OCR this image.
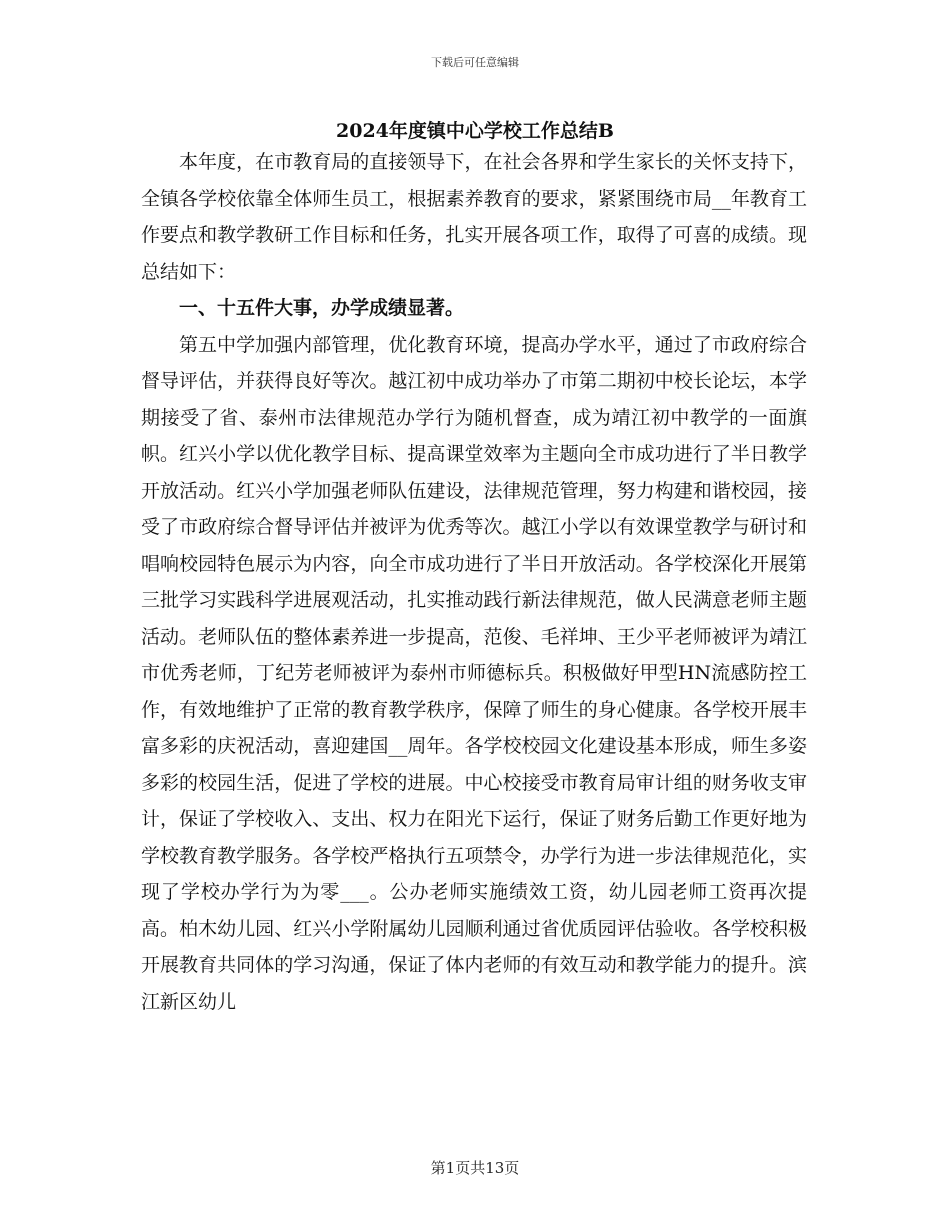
下载后可任意编辑
2024年度镇中心学校工作总结B

本年度，在市教育局的直接领导下，在社会各界和学生家长的关怀支持下，全镇各学校依靠全体师生员工，根据素养教育的要求，紧紧围绕市局__年教育工作要点和教学教研工作目标和任务，扎实开展各项工作，取得了可喜的成绩。现总结如下：

一、十五件大事，办学成绩显著。

第五中学加强内部管理，优化教育环境，提高办学水平，通过了市政府综合督导评估，并获得良好等次。越江初中成功举办了市第二期初中校长论坛，本学期接受了省、泰州市法律规范办学行为随机督查，成为靖江初中教学的一面旗帜。红兴小学以优化教学目标、提高课堂效率为主题向全市成功进行了半日教学开放活动。红兴小学加强老师队伍建设，法律规范管理，努力构建和谐校园，接受了市政府综合督导评估并被评为优秀等次。越江小学以有效课堂教学与研讨和唱响校园特色展示为内容，向全市成功进行了半日开放活动。各学校深化开展第三批学习实践科学进展观活动，扎实推动践行新法律规范，做人民满意老师主题活动。老师队伍的整体素养进一步提高，范俊、毛祥坤、王少平老师被评为靖江市优秀老师，丁纪芳老师被评为泰州市师德标兵。积极做好甲型HN流感防控工作，有效地维护了正常的教育教学秩序，保障了师生的身心健康。各学校开展丰富多彩的庆祝活动，喜迎建国__周年。各学校校园文化建设基本形成，师生多姿多彩的校园生活，促进了学校的进展。中心校接受市教育局审计组的财务收支审计，保证了学校收入、支出、权力在阳光下运行，保证了财务后勤工作更好地为学校教育教学服务。各学校严格执行五项禁令，办学行为进一步法律规范化，实现了学校办学行为为零___。公办老师实施绩效工资，幼儿园老师工资再次提高。柏木幼儿园、红兴小学附属幼儿园顺利通过省优质园评估验收。各学校积极开展教育共同体的学习沟通，保证了体内老师的有效互动和教学能力的提升。滨江新区幼儿

第1页共13页
